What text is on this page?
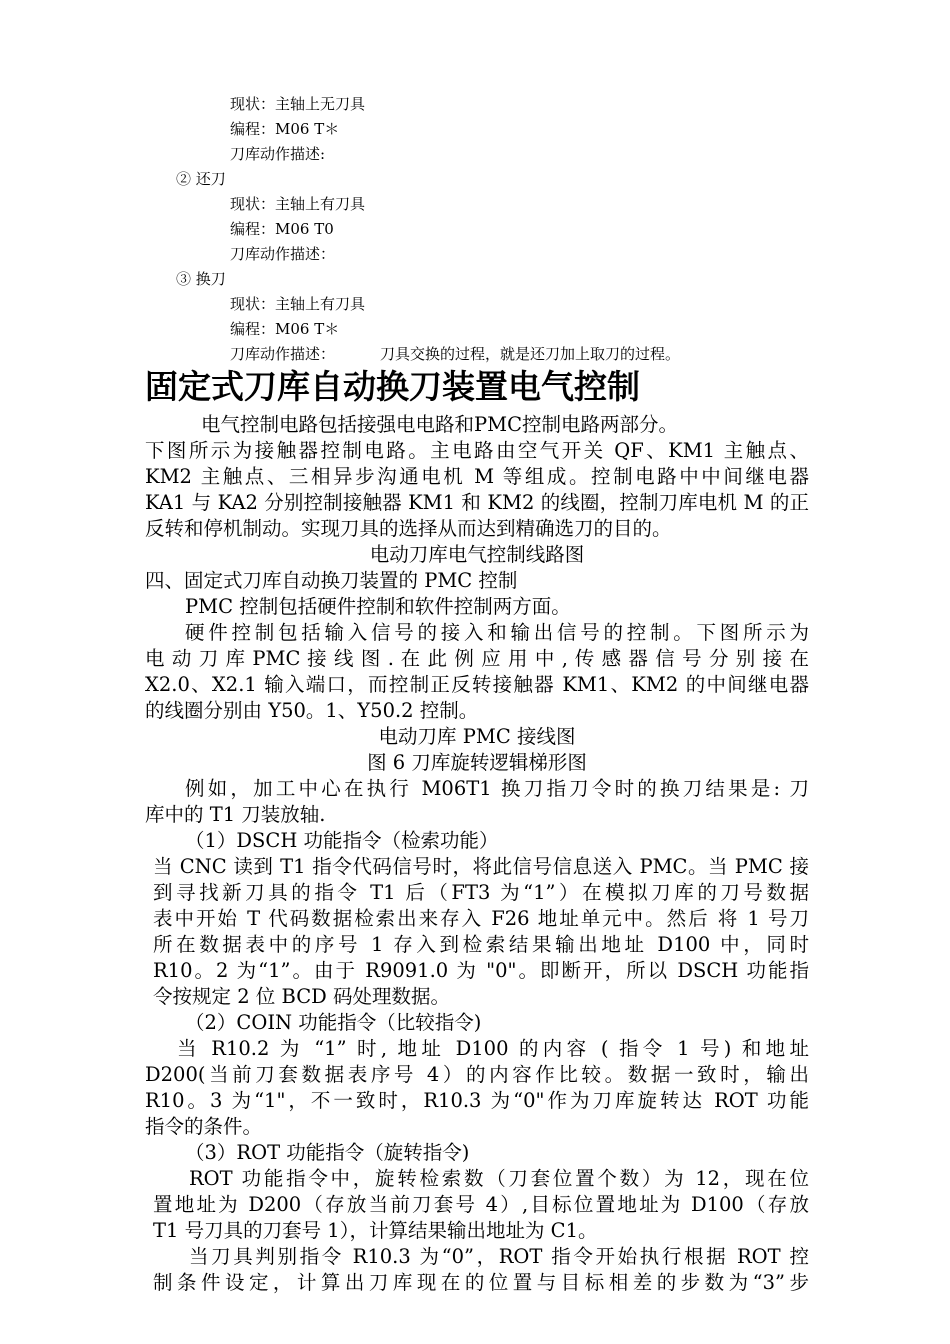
现状：主轴上无刀具
编程：M06 T＊
刀库动作描述:
② 还刀
现状：主轴上有刀具
编程：M06 T0
刀库动作描述：
③ 换刀
现状：主轴上有刀具
编程：M06 T＊
刀库动作描述：	刀具交换的过程，就是还刀加上取刀的过程。
固定式刀库自动换刀装置电气控制
电气控制电路包括接强电电路和PMC控制电路两部分。
下图所示为接触器控制电路。主电路由空气开关 QF、KM1 主触点、
KM2 主触点、三相异步沟通电机 M 等组成。控制电路中中间继电器
KA1 与 KA2 分别控制接触器 KM1 和 KM2 的线圈，控制刀库电机 M 的正
反转和停机制动。实现刀具的选择从而达到精确选刀的目的。
电动刀库电气控制线路图
四、固定式刀库自动换刀装置的 PMC 控制
PMC 控制包括硬件控制和软件控制两方面。
硬件控制包括输入信号的接入和输出信号的控制。下图所示为
电 动 刀 库 PMC 接 线 图 . 在 此 例 应 用 中 , 传 感 器 信 号 分 别 接 在
X2.0、X2.1 输入端口，而控制正反转接触器 KM1、KM2 的中间继电器
的线圈分别由 Y50。1、Y50.2 控制。
电动刀库 PMC 接线图
图 6 刀库旋转逻辑梯形图
例如，加工中心在执行 M06T1 换刀指刀令时的换刀结果是: 刀
库中的 T1 刀装放轴.
（1）DSCH 功能指令（检索功能）
当 CNC 读到 T1 指令代码信号时，将此信号信息送入 PMC。当 PMC 接
到寻找新刀具的指令 T1 后（FT3 为“1”）在模拟刀库的刀号数据
表中开始 T 代码数据检索出来存入 F26 地址单元中。然后 将 1 号刀
所在数据表中的序号 1 存入到检索结果输出地址 D100 中，同时
R10。2 为“1”。由于 R9091.0 为 "0"。即断开，所以 DSCH 功能指
令按规定 2 位 BCD 码处理数据。
（2）COIN 功能指令（比较指令)
当 R10.2 为 “1” 时, 地址 D100 的内容 ( 指令 1 号) 和地址
D200(当前刀套数据表序号 4）的内容作比较。数据一致时，输出
R10。3 为“1"，不一致时，R10.3 为“0"作为刀库旋转达 ROT 功能
指令的条件。
（3）ROT 功能指令（旋转指令)
ROT 功能指令中，旋转检索数（刀套位置个数）为 12，现在位
置地址为 D200（存放当前刀套号 4）,目标位置地址为 D100（存放
T1 号刀具的刀套号 1），计算结果输出地址为 C1。
当刀具判别指令 R10.3 为“0”，ROT 指令开始执行根据 ROT 控
制条件设定，计算出刀库现在的位置与目标相差的步数为“3”步
